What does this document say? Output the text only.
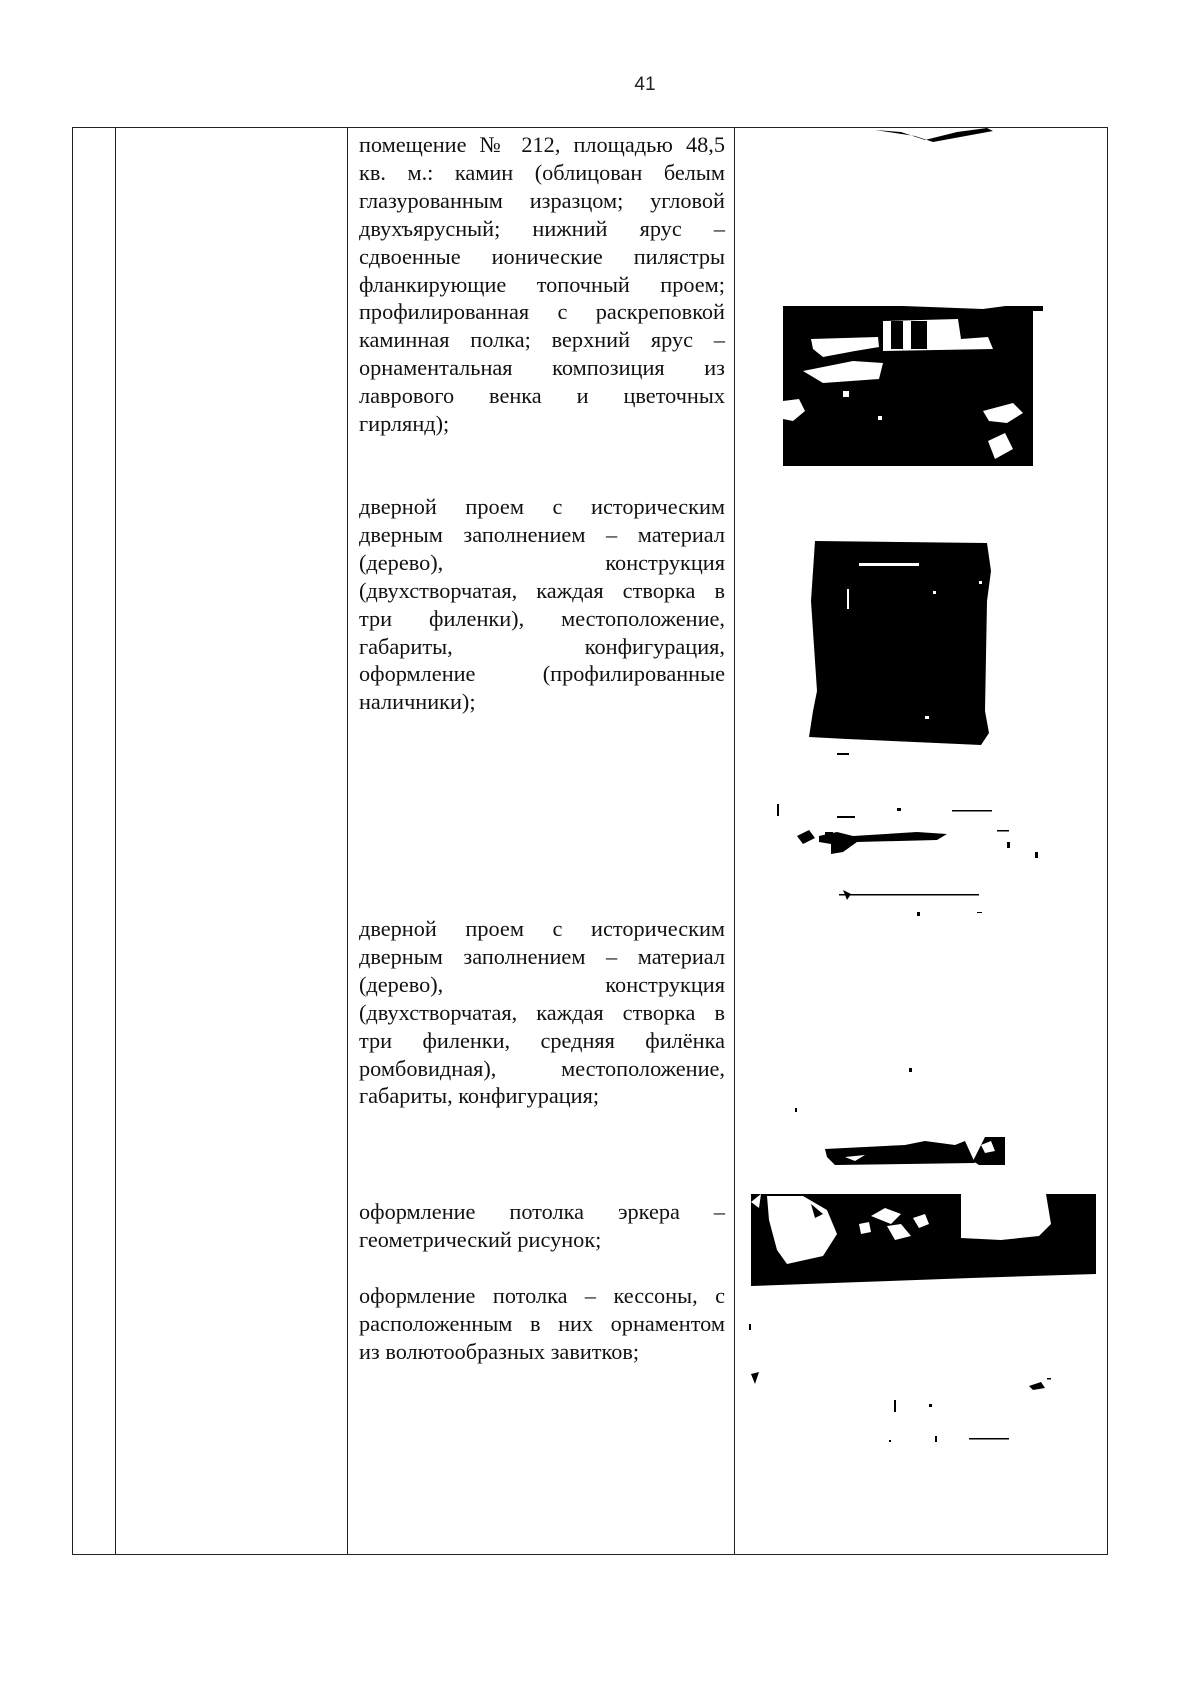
41
помещение № 212, площадью 48,5
кв. м.: камин (облицован белым
глазурованным изразцом; угловой
двухъярусный; нижний ярус –
сдвоенные ионические пилястры
фланкирующие топочный проем;
профилированная с раскреповкой
каминная полка; верхний ярус –
орнаментальная композиция из
лаврового венка и цветочных
гирлянд);
дверной проем с историческим
дверным заполнением – материал
(дерево), конструкция
(двухстворчатая, каждая створка в
три филенки), местоположение,
габариты, конфигурация,
оформление (профилированные
наличники);
дверной проем с историческим
дверным заполнением – материал
(дерево), конструкция
(двухстворчатая, каждая створка в
три филенки, средняя филёнка
ромбовидная), местоположение,
габариты, конфигурация;
оформление потолка эркера –
геометрический рисунок;
оформление потолка – кессоны, с
расположенным в них орнаментом
из волютообразных завитков;
